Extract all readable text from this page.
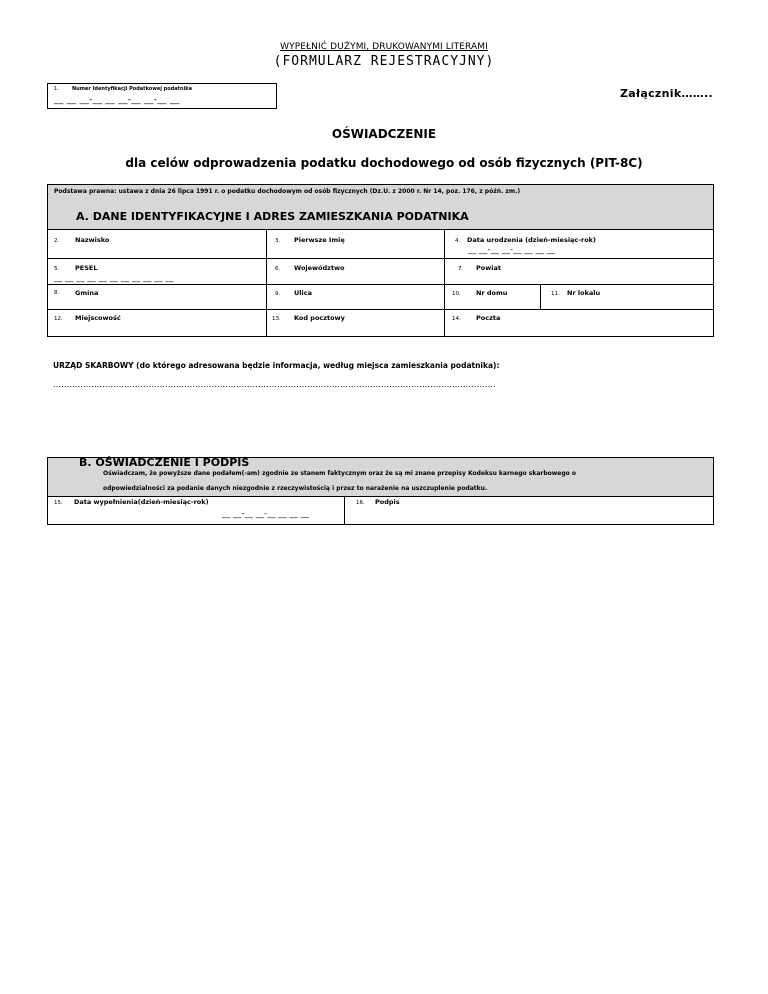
WYPEŁNIĆ DUŻYMI, DRUKOWANYMI LITERAMI
(FORMULARZ REJESTRACYJNY)
1.	Numer Identyfikacji Podatkowej podatnika
__ __ __-__ __ __-__ __-__ __	Załącznik……..
OŚWIADCZENIE
dla celów odprowadzenia podatku dochodowego od osób fizycznych (PIT-8C)
Podstawa prawna: ustawa z dnia 26 lipca 1991 r. o podatku dochodowym od osób fizycznych (Dz.U. z 2000 r. Nr 14, poz. 176, z późń. zm.)
A. DANE IDENTYFIKACYJNE I ADRES ZAMIESZKANIA PODATNIKA
2. Nazwisko	3. Pierwsze Imię	4. Data urodzenia (dzień-miesiąc-rok)
__ __-__ __-__ __ __ __
5. PESEL
__ __ __ __ __ __ __ __ __ __ __
6. Województwo	7. Powiat
8. Gmina	9. Ulica	10. Nr domu	11. Nr lokalu
12. Miejscowość	13. Kod pocztowy	14. Poczta
URZĄD SKARBOWY (do którego adresowana będzie informacja, według miejsca zamieszkania podatnika):
………………………………………………………………………………………………………………………………………………
B. OŚWIADCZENIE I PODPIS
Oświadczam, że powyższe dane podałem(-am) zgodnie ze stanem faktycznym oraz że są mi znane przepisy Kodeksu karnego skarbowego o
odpowiedzialności za podanie danych niezgodnie z rzeczywistością i przez to narażenie na uszczuplenie podatku.
15. Data wypełnienia(dzień-miesiąc-rok)
__ __-__ __-__ __ __ __
16. Podpis
